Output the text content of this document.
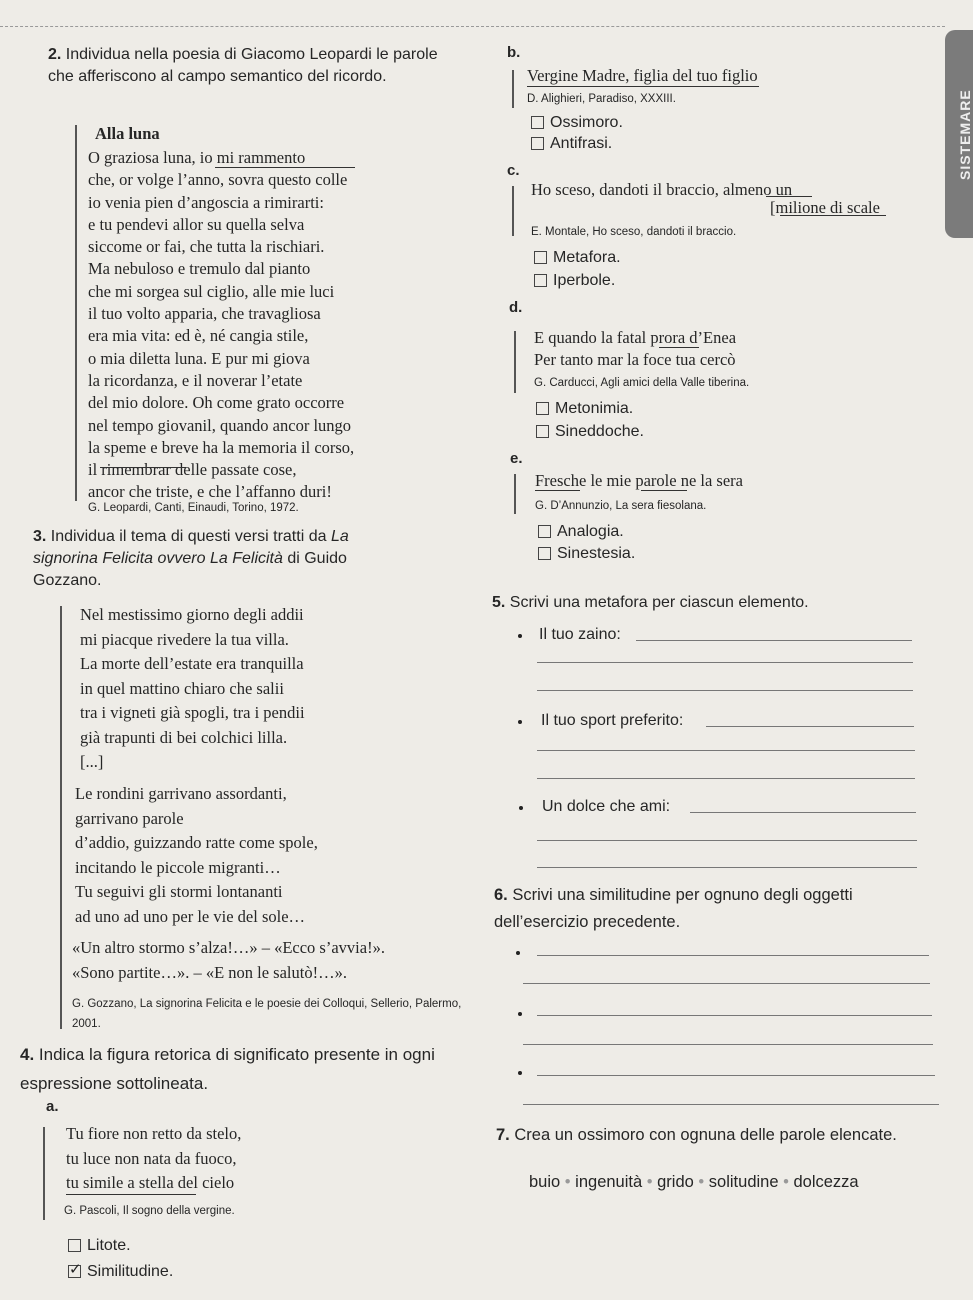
SISTEMARE
2. Individua nella poesia di Giacomo Leopardi le parole che afferiscono al campo semantico del ricordo.
Alla luna
O graziosa luna, io mi rammento
che, or volge l’anno, sovra questo colle
io venia pien d’angoscia a rimirarti:
e tu pendevi allor su quella selva
siccome or fai, che tutta la rischiari.
Ma nebuloso e tremulo dal pianto
che mi sorgea sul ciglio, alle mie luci
il tuo volto apparia, che travagliosa
era mia vita: ed è, né cangia stile,
o mia diletta luna. E pur mi giova
la ricordanza, e il noverar l’etate
del mio dolore. Oh come grato occorre
nel tempo giovanil, quando ancor lungo
la speme e breve ha la memoria il corso,
il rimembrar delle passate cose,
ancor che triste, e che l’affanno duri!
G. Leopardi, Canti, Einaudi, Torino, 1972.
3. Individua il tema di questi versi tratti da La signorina Felicita ovvero La Felicità di Guido Gozzano.
Nel mestissimo giorno degli addii
mi piacque rivedere la tua villa.
La morte dell’estate era tranquilla
in quel mattino chiaro che salii
tra i vigneti già spogli, tra i pendii
già trapunti di bei colchici lilla.
[...]
Le rondini garrivano assordanti,
garrivano parole
d’addio, guizzando ratte come spole,
incitando le piccole migranti…
Tu seguivi gli stormi lontananti
ad uno ad uno per le vie del sole…
«Un altro stormo s’alza!…» – «Ecco s’avvia!».
«Sono partite…». – «E non le salutò!…».
G. Gozzano, La signorina Felicita e le poesie dei Colloqui, Sellerio, Palermo, 2001.
4. Indica la figura retorica di significato presente in ogni espressione sottolineata.
a.
Tu fiore non retto da stelo,
tu luce non nata da fuoco,
tu simile a stella del cielo
G. Pascoli, Il sogno della vergine.
Litote.
✓ Similitudine.
b.
Vergine Madre, figlia del tuo figlio
D. Alighieri, Paradiso, XXXIII.
Ossimoro.
Antifrasi.
c.
Ho sceso, dandoti il braccio, almeno un
[milione di scale
E. Montale, Ho sceso, dandoti il braccio.
Metafora.
Iperbole.
d.
E quando la fatal prora d’Enea
Per tanto mar la foce tua cercò
G. Carducci, Agli amici della Valle tiberina.
Metonimia.
Sineddoche.
e.
Fresche le mie parole ne la sera
G. D’Annunzio, La sera fiesolana.
Analogia.
Sinestesia.
5. Scrivi una metafora per ciascun elemento.
Il tuo zaino:
Il tuo sport preferito:
Un dolce che ami:
6. Scrivi una similitudine per ognuno degli oggetti dell’esercizio precedente.
7. Crea un ossimoro con ognuna delle parole elencate.
buio • ingenuità • grido • solitudine • dolcezza
